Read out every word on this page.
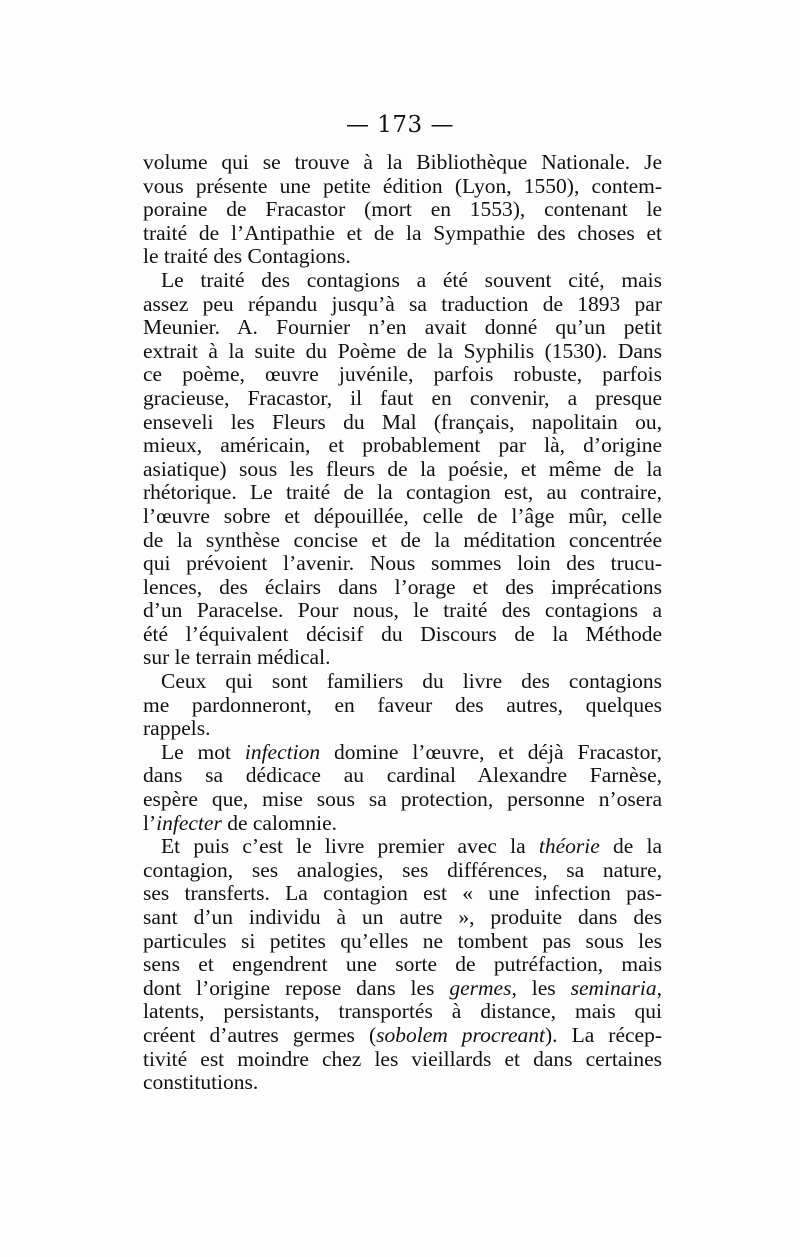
— 173 —
volume qui se trouve à la Bibliothèque Nationale. Je
vous présente une petite édition (Lyon, 1550), contem-
poraine de Fracastor (mort en 1553), contenant le
traité de l’Antipathie et de la Sympathie des choses et
le traité des Contagions.
Le traité des contagions a été souvent cité, mais
assez peu répandu jusqu’à sa traduction de 1893 par
Meunier. A. Fournier n’en avait donné qu’un petit
extrait à la suite du Poème de la Syphilis (1530). Dans
ce poème, œuvre juvénile, parfois robuste, parfois
gracieuse, Fracastor, il faut en convenir, a presque
enseveli les Fleurs du Mal (français, napolitain ou,
mieux, américain, et probablement par là, d’origine
asiatique) sous les fleurs de la poésie, et même de la
rhétorique. Le traité de la contagion est, au contraire,
l’œuvre sobre et dépouillée, celle de l’âge mûr, celle
de la synthèse concise et de la méditation concentrée
qui prévoient l’avenir. Nous sommes loin des trucu-
lences, des éclairs dans l’orage et des imprécations
d’un Paracelse. Pour nous, le traité des contagions a
été l’équivalent décisif du Discours de la Méthode
sur le terrain médical.
Ceux qui sont familiers du livre des contagions
me pardonneront, en faveur des autres, quelques
rappels.
Le mot infection domine l’œuvre, et déjà Fracastor,
dans sa dédicace au cardinal Alexandre Farnèse,
espère que, mise sous sa protection, personne n’osera
l’infecter de calomnie.
Et puis c’est le livre premier avec la théorie de la
contagion, ses analogies, ses différences, sa nature,
ses transferts. La contagion est « une infection pas-
sant d’un individu à un autre », produite dans des
particules si petites qu’elles ne tombent pas sous les
sens et engendrent une sorte de putréfaction, mais
dont l’origine repose dans les germes, les seminaria,
latents, persistants, transportés à distance, mais qui
créent d’autres germes (sobolem procreant). La récep-
tivité est moindre chez les vieillards et dans certaines
constitutions.
